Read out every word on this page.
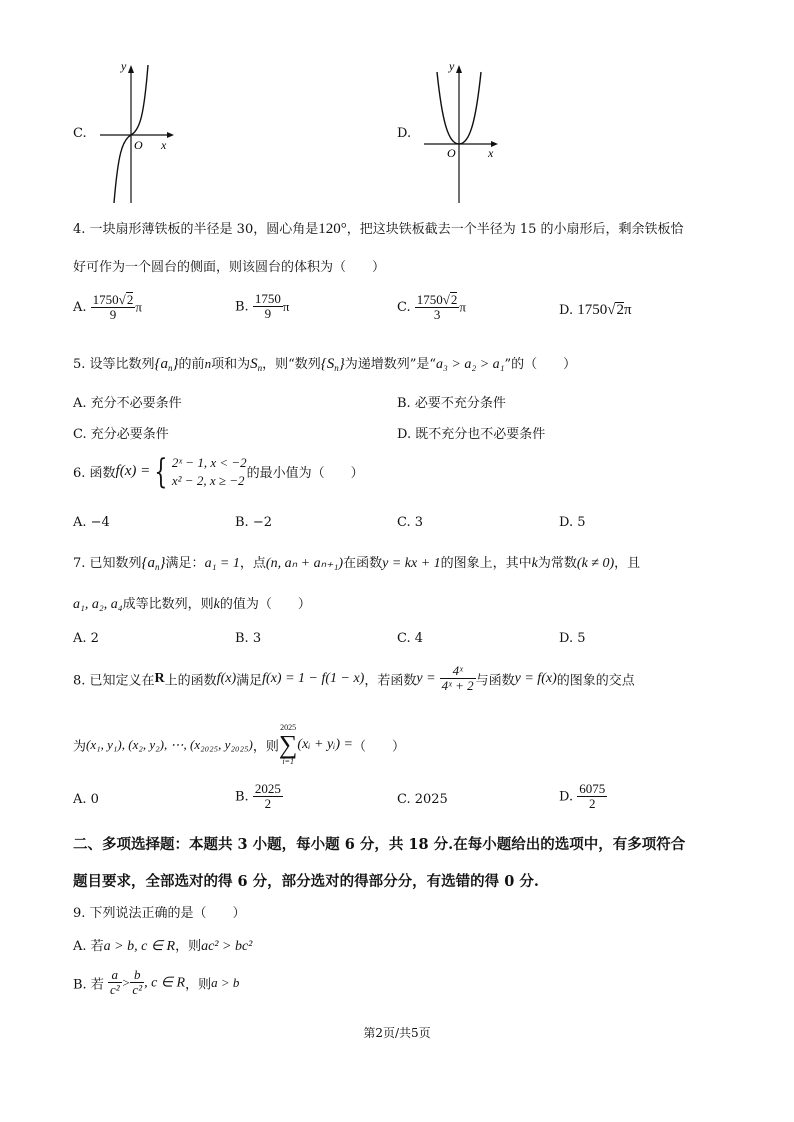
C.
y
O x
D.
y
O	x
4. 一块扇形薄铁板的半径是 30，圆心角是120°，把这块铁板截去一个半径为 15 的小扇形后，剩余铁板恰
好可作为一个圆台的侧面，则该圆台的体积为（　　）
A. $\frac{1750√2}{9}$ π	B. $\frac{1750}{9}$ π	C. $\frac{1750√2}{3}$ π	D. 1750√2π
5. 设等比数列$\{a_n\}$的前n项和为$S_n$，则“数列$\{S_n\}$为递增数列”是“a₃ > a₂ > a₁”的（　　）
A. 充分不必要条件	B. 必要不充分条件
C. 充分必要条件	D. 既不充分也不必要条件
6. 函数f(x) = { 2ˣ − 1, x < −2
x² − 2, x ≥ −2 的最小值为（　　）
A. −4	B. −2	C. 3	D. 5
7. 已知数列$\{a_n\}$满足：a₁ = 1，点(n, aₙ + aₙ₊₁)在函数y = kx + 1的图象上，其中k为常数(k ≠ 0)，且
a₁, a₂, a₄成等比数列，则k的值为（　　）
A. 2	B. 3	C. 4	D. 5
8. 已知定义在R上的函数f(x)满足f(x) = 1 − f(1 − x)，若函数$y = \frac{\text{4ˣ}}{\text{4ˣ + 2}}$ 与函数y = f(x)的图象的交点
为(x₁, y₁), (x₂, y₂), ⋯, (x₂₀₂₅, y₂₀₂₅)，则
2025
∑
i=1
(xᵢ + yᵢ) =（　　）
A. 0	B. $\frac{2025}{2}$	C. 2025	D. $\frac{6075}{2}$
二、多项选择题：本题共 3 小题，每小题 6 分，共 18 分.在每小题给出的选项中，有多项符合
题目要求，全部选对的得 6 分，部分选对的得部分分，有选错的得 0 分.
9. 下列说法正确的是（　　）
A. 若a > b, c ∈ R，则ac² > bc²
B. 若 $\frac{a}{\text{c²}} > \frac{b}{\text{c²}}$ , c ∈ R，则a > b
第2页/共5页
